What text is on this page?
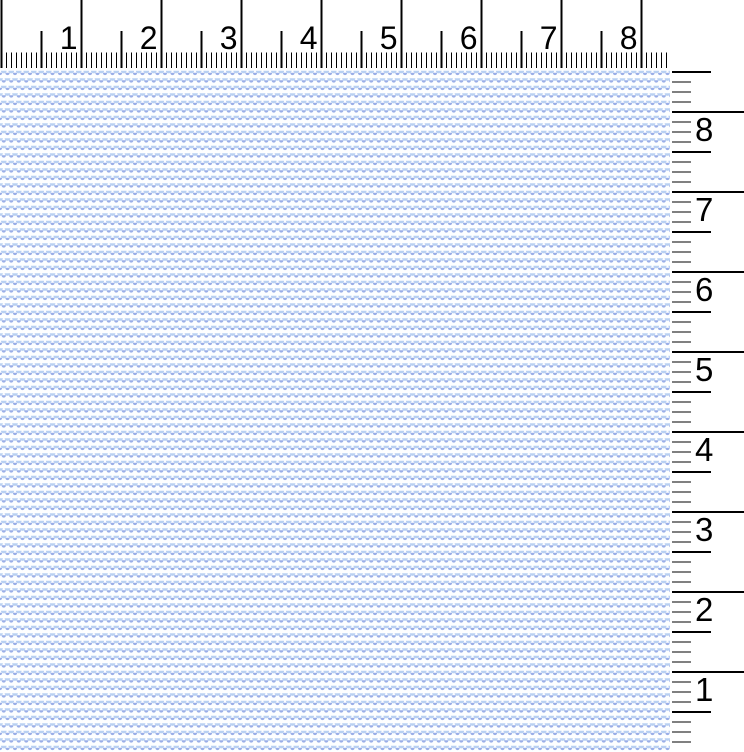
1 2 3 4 5 6 7 8
1
2
3
4
5
6
7
8
